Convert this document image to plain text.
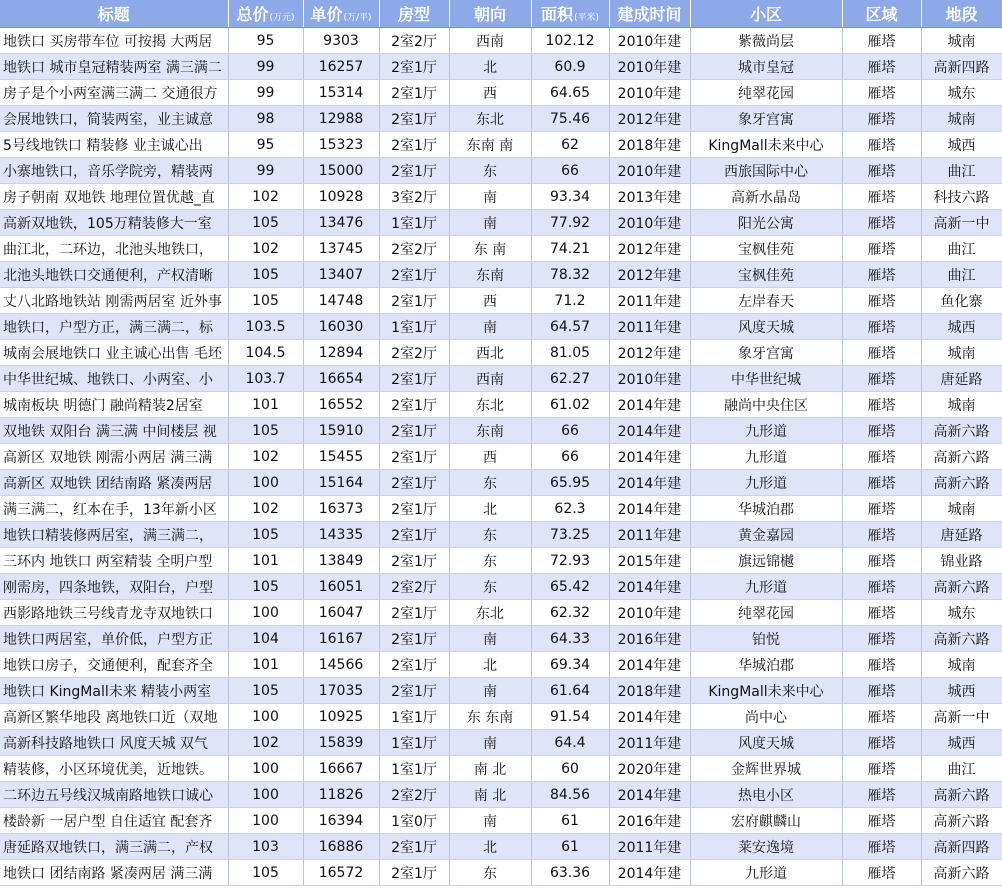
标题	总价(万元)	单价(万/平)	房型	朝向	面积(平米)	建成时间	小区	区域	地段
地铁口 买房带车位 可按揭 大两居	95	9303	2室2厅	西南	102.12	2010年建	紫薇尚层	雁塔	城南
地铁口 城市皇冠精装两室 满三满二	99	16257	2室1厅	北	60.9	2010年建	城市皇冠	雁塔	高新四路
房子是个小两室满三满二 交通很方	99	15314	2室1厅	西	64.65	2010年建	纯翠花园	雁塔	城东
会展地铁口，简装两室，业主诚意	98	12988	2室1厅	东北	75.46	2012年建	象牙宫寓	雁塔	城南
5号线地铁口 精装修 业主诚心出	95	15323	2室1厅	东南 南	62	2018年建	KingMall未来中心	雁塔	城西
小寨地铁口，音乐学院旁，精装两	99	15000	2室1厅	东	66	2010年建	西旅国际中心	雁塔	曲江
房子朝南 双地铁 地理位置优越_直	102	10928	3室2厅	南	93.34	2013年建	高新水晶岛	雁塔	科技六路
高新双地铁，105万精装修大一室	105	13476	1室1厅	南	77.92	2010年建	阳光公寓	雁塔	高新一中
曲江北，二环边，北池头地铁口，	102	13745	2室2厅	东 南	74.21	2012年建	宝枫佳苑	雁塔	曲江
北池头地铁口交通便利，产权清晰	105	13407	2室1厅	东南	78.32	2012年建	宝枫佳苑	雁塔	曲江
丈八北路地铁站 刚需两居室 近外事	105	14748	2室1厅	西	71.2	2011年建	左岸春天	雁塔	鱼化寨
地铁口，户型方正，满三满二，标	103.5	16030	1室1厅	南	64.57	2011年建	风度天城	雁塔	城西
城南会展地铁口 业主诚心出售 毛坯	104.5	12894	2室2厅	西北	81.05	2012年建	象牙宫寓	雁塔	城南
中华世纪城、地铁口、小两室、小	103.7	16654	2室1厅	西南	62.27	2010年建	中华世纪城	雁塔	唐延路
城南板块 明德门 融尚精装2居室	101	16552	2室1厅	东北	61.02	2014年建	融尚中央住区	雁塔	城南
双地铁 双阳台 满三满 中间楼层 视	105	15910	2室1厅	东南	66	2014年建	九形道	雁塔	高新六路
高新区 双地铁 刚需小两居 满三满	102	15455	2室1厅	西	66	2014年建	九形道	雁塔	高新六路
高新区 双地铁 团结南路 紧凑两居	100	15164	2室1厅	东	65.95	2014年建	九形道	雁塔	高新六路
满三满二，红本在手，13年新小区	102	16373	2室1厅	北	62.3	2014年建	华城泊郡	雁塔	城南
地铁口精装修两居室，满三满二，	105	14335	2室1厅	东	73.25	2011年建	黄金嘉园	雁塔	唐延路
三环内 地铁口 两室精装 全明户型	101	13849	2室1厅	东	72.93	2015年建	旗远锦樾	雁塔	锦业路
刚需房，四条地铁，双阳台，户型	105	16051	2室2厅	东	65.42	2014年建	九形道	雁塔	高新六路
西影路地铁三号线青龙寺双地铁口	100	16047	2室1厅	东北	62.32	2010年建	纯翠花园	雁塔	城东
地铁口两居室，单价低，户型方正	104	16167	2室1厅	南	64.33	2016年建	铂悦	雁塔	高新六路
地铁口房子，交通便利，配套齐全	101	14566	2室1厅	北	69.34	2014年建	华城泊郡	雁塔	城南
地铁口 KingMall未来 精装小两室	105	17035	2室1厅	南	61.64	2018年建	KingMall未来中心	雁塔	城西
高新区繁华地段 离地铁口近（双地	100	10925	1室1厅	东 东南	91.54	2014年建	尚中心	雁塔	高新一中
高新科技路地铁口 风度天城 双气	102	15839	1室1厅	南	64.4	2011年建	风度天城	雁塔	城西
精装修，小区环境优美，近地铁。	100	16667	1室1厅	南 北	60	2020年建	金辉世界城	雁塔	曲江
二环边五号线汉城南路地铁口诚心	100	11826	2室2厅	南 北	84.56	2014年建	热电小区	雁塔	高新六路
楼龄新 一居户型 自住适宜 配套齐	100	16394	1室0厅	南	61	2016年建	宏府麒麟山	雁塔	高新六路
唐延路双地铁口，满三满二，产权	103	16886	2室1厅	北	61	2011年建	莱安逸境	雁塔	高新四路
地铁口 团结南路 紧凑两居 满三满	105	16572	2室1厅	东	63.36	2014年建	九形道	雁塔	高新六路
